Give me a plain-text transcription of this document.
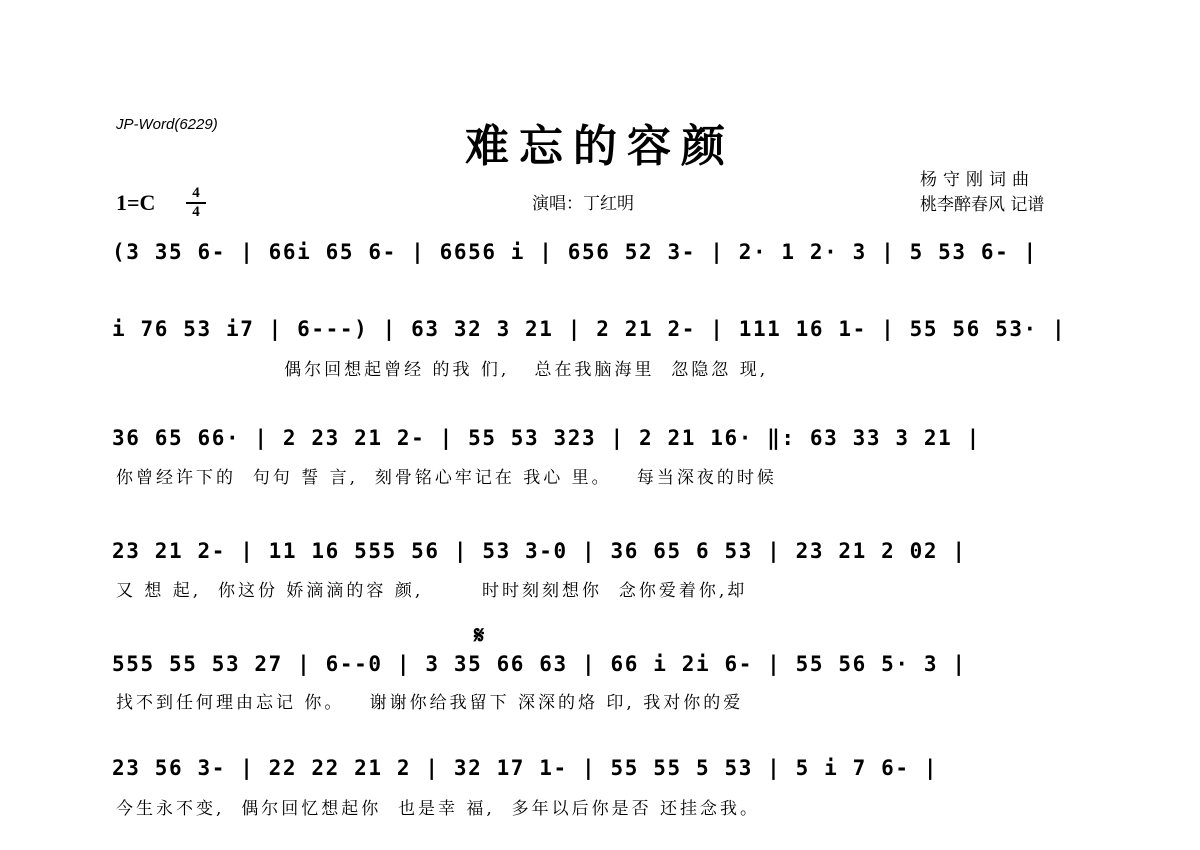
JP-Word(6229)	难忘的容颜
1=C	4
4	演唱：丁红明
杨守刚词曲
桃李醉春风 记谱
(3 35 6- | 66i 65 6- | 6656 i | 656 52 3- | 2· 1 2· 3 | 5 53 6- |
i 76 53 i7 | 6---) | 63 32 3 21 | 2 21 2- | 111 16 1- | 55 56 53· |
偶尔回想起曾经 的我 们,   总在我脑海里  忽隐忽 现,
36 65 66· | 2 23 21 2- | 55 53 323 | 2 21 16· ‖: 63 33 3 21 |
你曾经许下的  句句 誓 言,  刻骨铭心牢记在 我心 里。   每当深夜的时候
23 21 2- | 11 16 555 56 | 53 3-0 | 36 65 6 53 | 23 21 2 02 |
又 想 起,  你这份 娇滴滴的容 颜,       时时刻刻想你  念你爱着你,却
𝄋
555 55 53 27 | 6--0 | 3 35 66 63 | 66 i 2i 6- | 55 56 5· 3 |
找不到任何理由忘记 你。   谢谢你给我留下 深深的烙 印, 我对你的爱
23 56 3- | 22 22 21 2 | 32 17 1- | 55 55 5 53 | 5 i 7 6- |
今生永不变,  偶尔回忆想起你  也是幸 福,  多年以后你是否 还挂念我。
